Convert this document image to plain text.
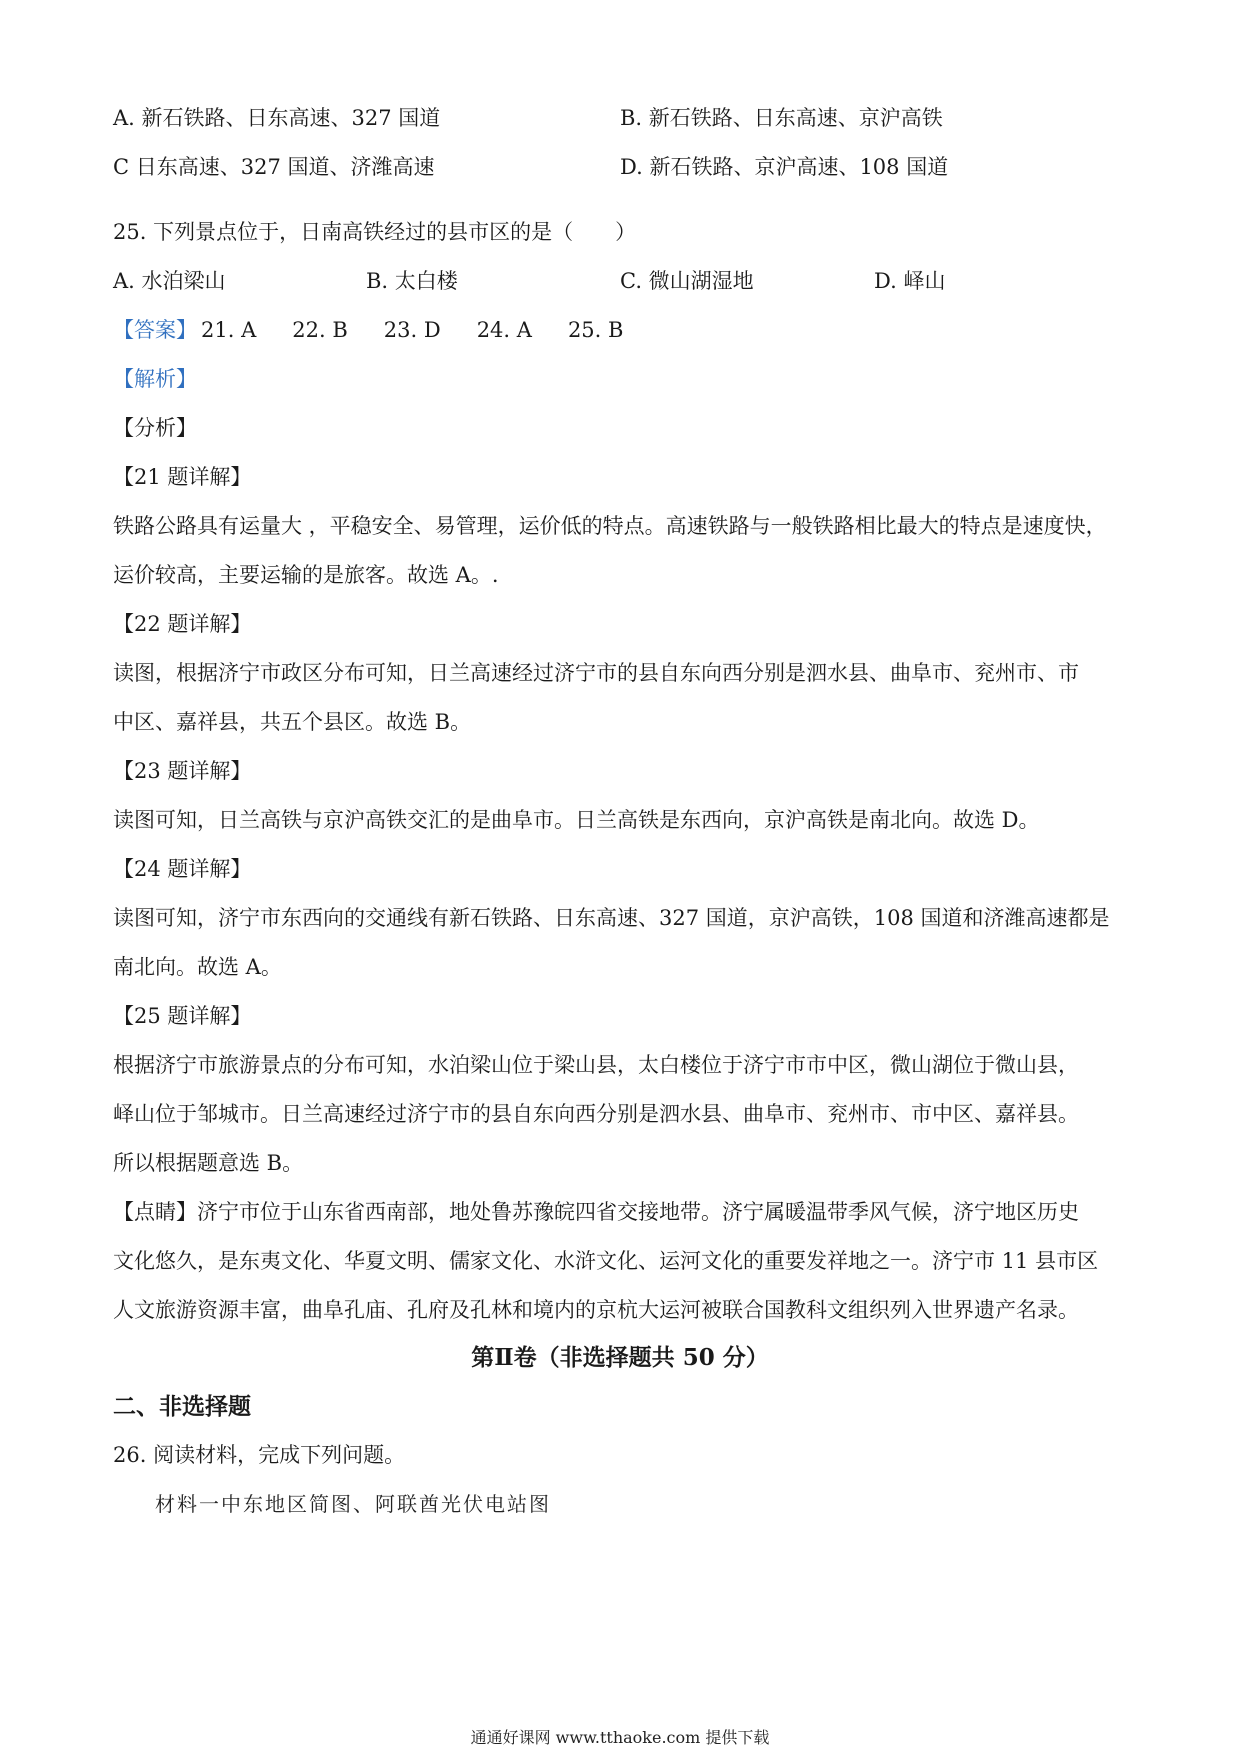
A. 新石铁路、日东高速、327 国道	B. 新石铁路、日东高速、京沪高铁
C 日东高速、327 国道、济潍高速	D. 新石铁路、京沪高速、108 国道
25. 下列景点位于，日南高铁经过的县市区的是（　　）
A. 水泊梁山	B. 太白楼	C. 微山湖湿地	D. 峄山
【答案】 21. A 22. B 23. D 24. A 25. B
【解析】
【分析】
【21 题详解】
铁路公路具有运量大 ，平稳安全、易管理，运价低的特点。高速铁路与一般铁路相比最大的特点是速度快，
运价较高，主要运输的是旅客。故选 A。.
【22 题详解】
读图，根据济宁市政区分布可知，日兰高速经过济宁市的县自东向西分别是泗水县、曲阜市、兖州市、市
中区、嘉祥县，共五个县区。故选 B。
【23 题详解】
读图可知，日兰高铁与京沪高铁交汇的是曲阜市。日兰高铁是东西向，京沪高铁是南北向。故选 D。
【24 题详解】
读图可知，济宁市东西向的交通线有新石铁路、日东高速、327 国道，京沪高铁，108 国道和济潍高速都是
南北向。故选 A。
【25 题详解】
根据济宁市旅游景点的分布可知，水泊梁山位于梁山县，太白楼位于济宁市市中区，微山湖位于微山县，
峄山位于邹城市。日兰高速经过济宁市的县自东向西分别是泗水县、曲阜市、兖州市、市中区、嘉祥县。
所以根据题意选 B。
【点睛】济宁市位于山东省西南部，地处鲁苏豫皖四省交接地带。济宁属暖温带季风气候，济宁地区历史
文化悠久，是东夷文化、华夏文明、儒家文化、水浒文化、运河文化的重要发祥地之一。济宁市 11 县市区
人文旅游资源丰富，曲阜孔庙、孔府及孔林和境内的京杭大运河被联合国教科文组织列入世界遗产名录。
第Ⅱ卷（非选择题共 50 分）
二、非选择题
26. 阅读材料，完成下列问题。
材料一中东地区简图、阿联酋光伏电站图
通通好课网 www.tthaoke.com 提供下载
